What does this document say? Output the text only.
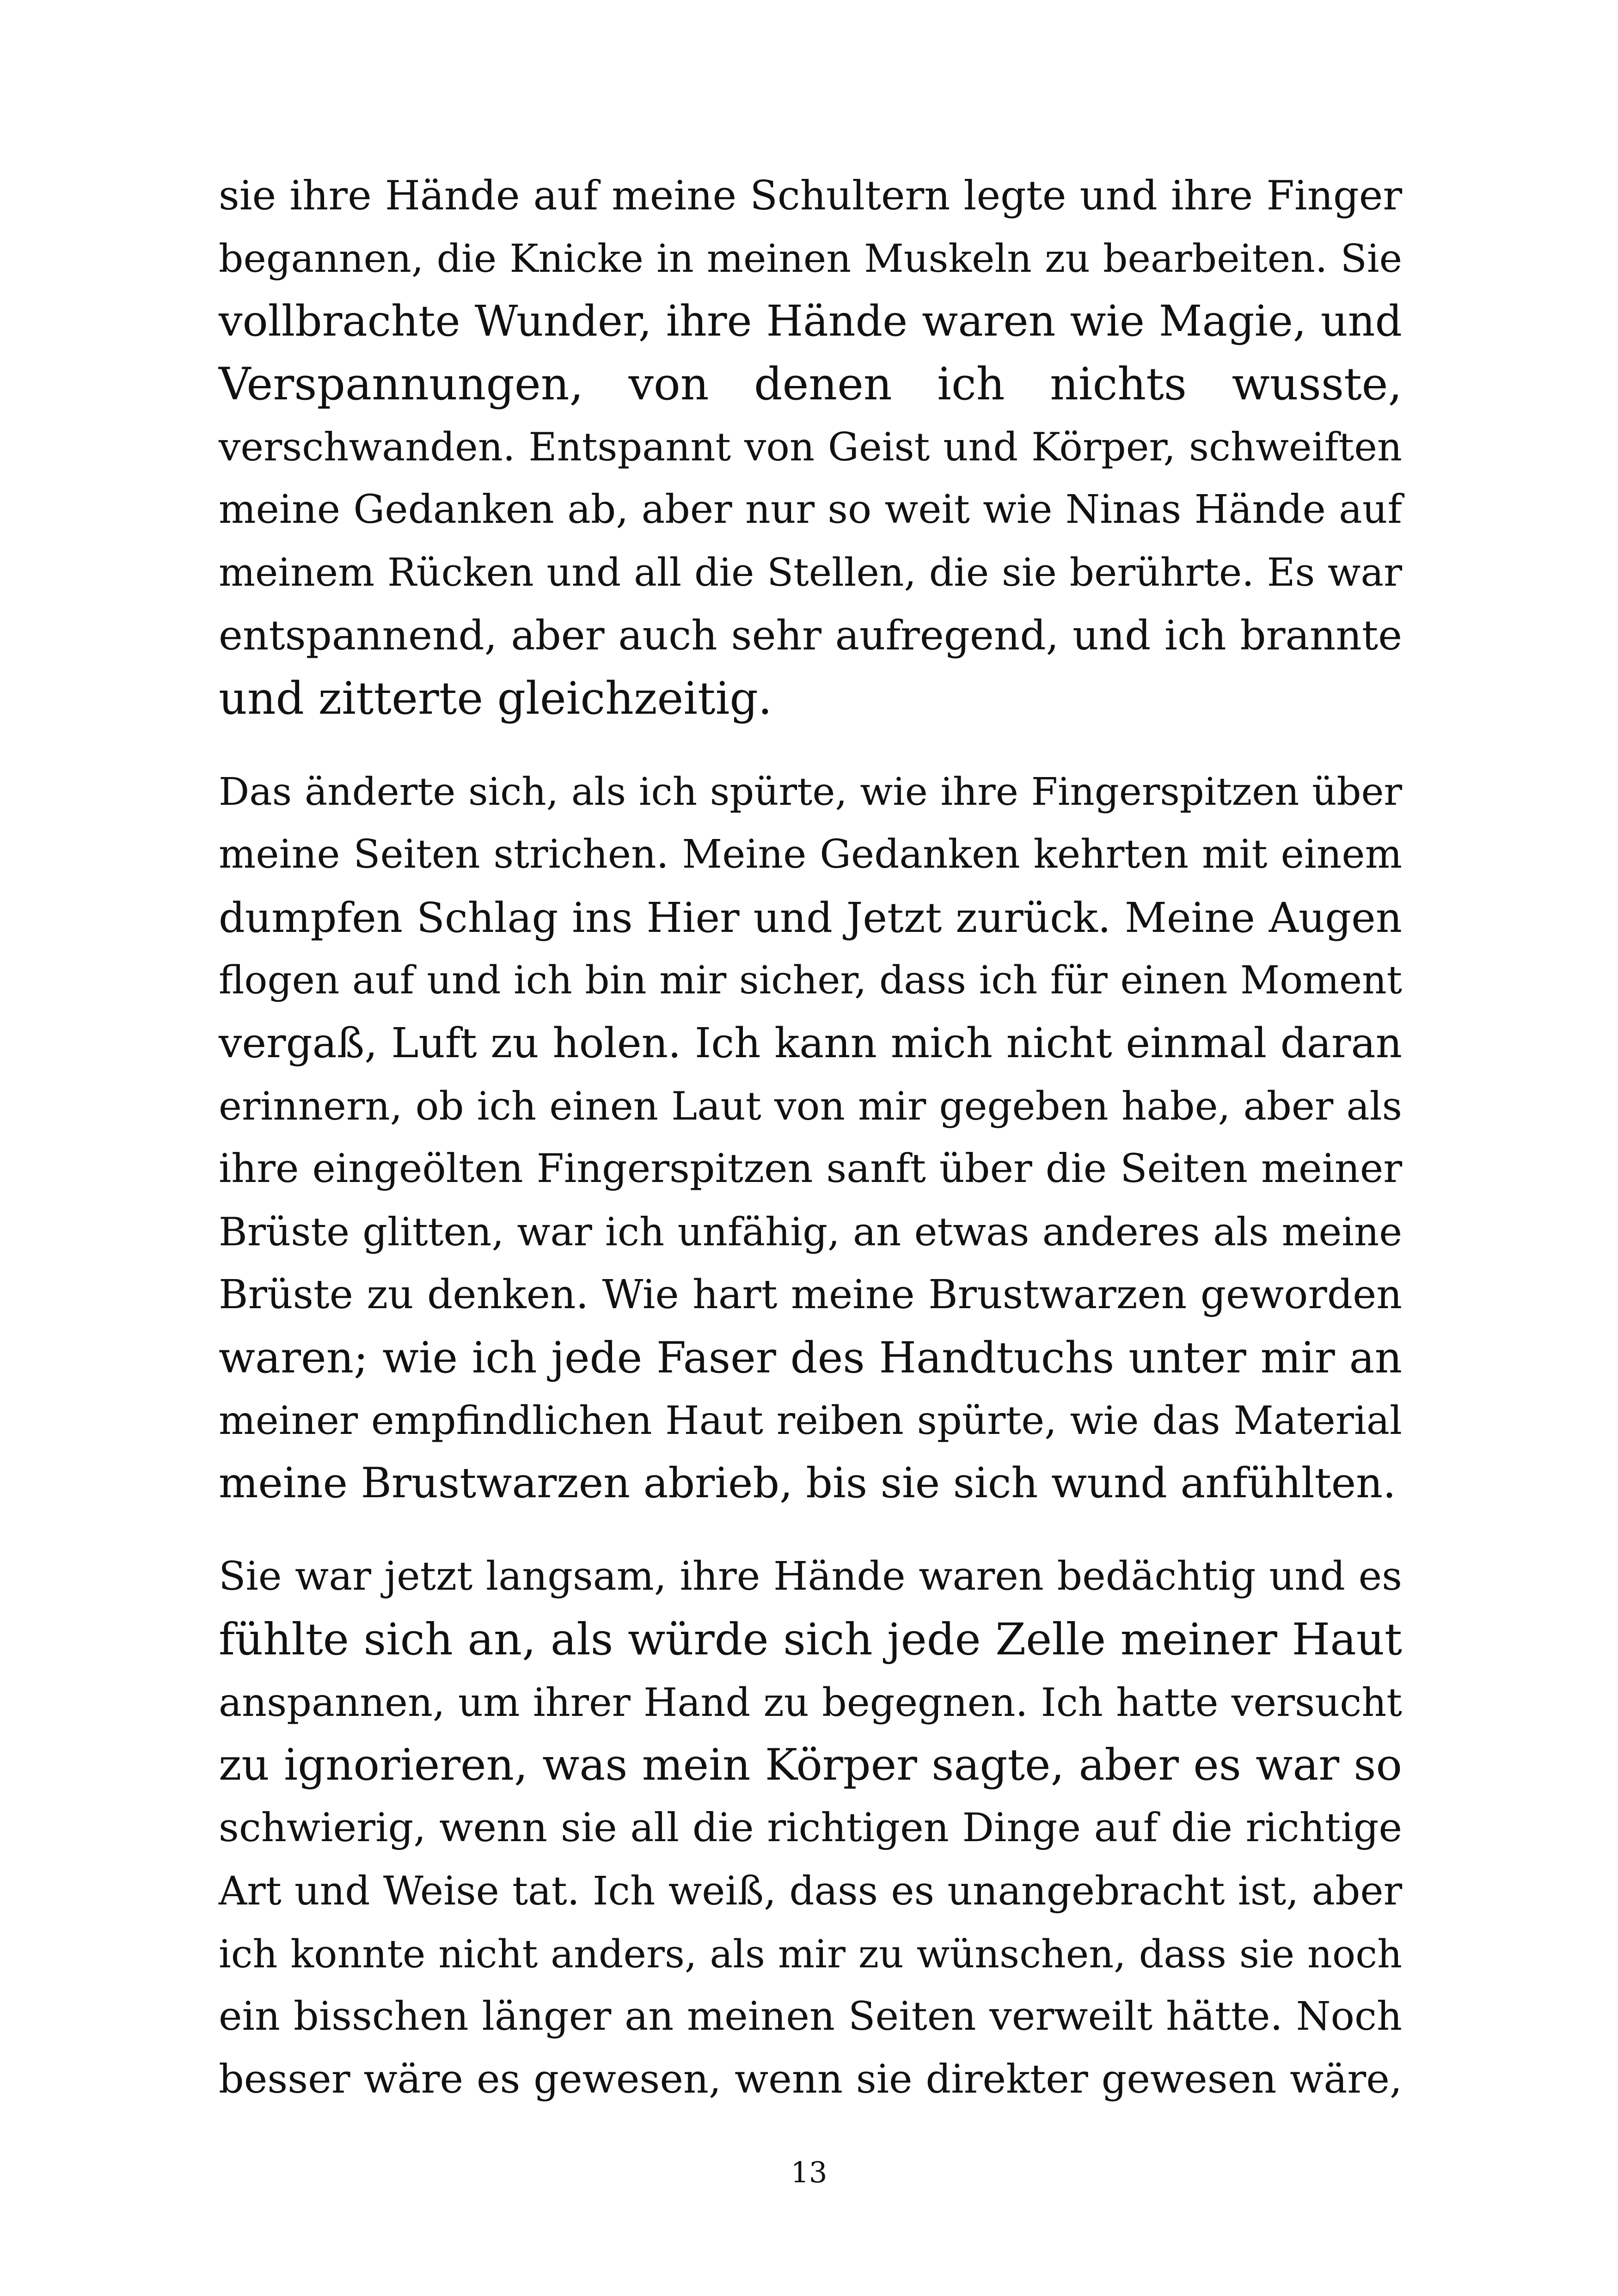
sie ihre Hände auf meine Schultern legte und ihre Finger
begannen, die Knicke in meinen Muskeln zu bearbeiten. Sie
vollbrachte Wunder, ihre Hände waren wie Magie, und
Verspannungen, von denen ich nichts wusste,
verschwanden. Entspannt von Geist und Körper, schweiften
meine Gedanken ab, aber nur so weit wie Ninas Hände auf
meinem Rücken und all die Stellen, die sie berührte. Es war
entspannend, aber auch sehr aufregend, und ich brannte
und zitterte gleichzeitig.
Das änderte sich, als ich spürte, wie ihre Fingerspitzen über
meine Seiten strichen. Meine Gedanken kehrten mit einem
dumpfen Schlag ins Hier und Jetzt zurück. Meine Augen
flogen auf und ich bin mir sicher, dass ich für einen Moment
vergaß, Luft zu holen. Ich kann mich nicht einmal daran
erinnern, ob ich einen Laut von mir gegeben habe, aber als
ihre eingeölten Fingerspitzen sanft über die Seiten meiner
Brüste glitten, war ich unfähig, an etwas anderes als meine
Brüste zu denken. Wie hart meine Brustwarzen geworden
waren; wie ich jede Faser des Handtuchs unter mir an
meiner empfindlichen Haut reiben spürte, wie das Material
meine Brustwarzen abrieb, bis sie sich wund anfühlten.
Sie war jetzt langsam, ihre Hände waren bedächtig und es
fühlte sich an, als würde sich jede Zelle meiner Haut
anspannen, um ihrer Hand zu begegnen. Ich hatte versucht
zu ignorieren, was mein Körper sagte, aber es war so
schwierig, wenn sie all die richtigen Dinge auf die richtige
Art und Weise tat. Ich weiß, dass es unangebracht ist, aber
ich konnte nicht anders, als mir zu wünschen, dass sie noch
ein bisschen länger an meinen Seiten verweilt hätte. Noch
besser wäre es gewesen, wenn sie direkter gewesen wäre,
13
